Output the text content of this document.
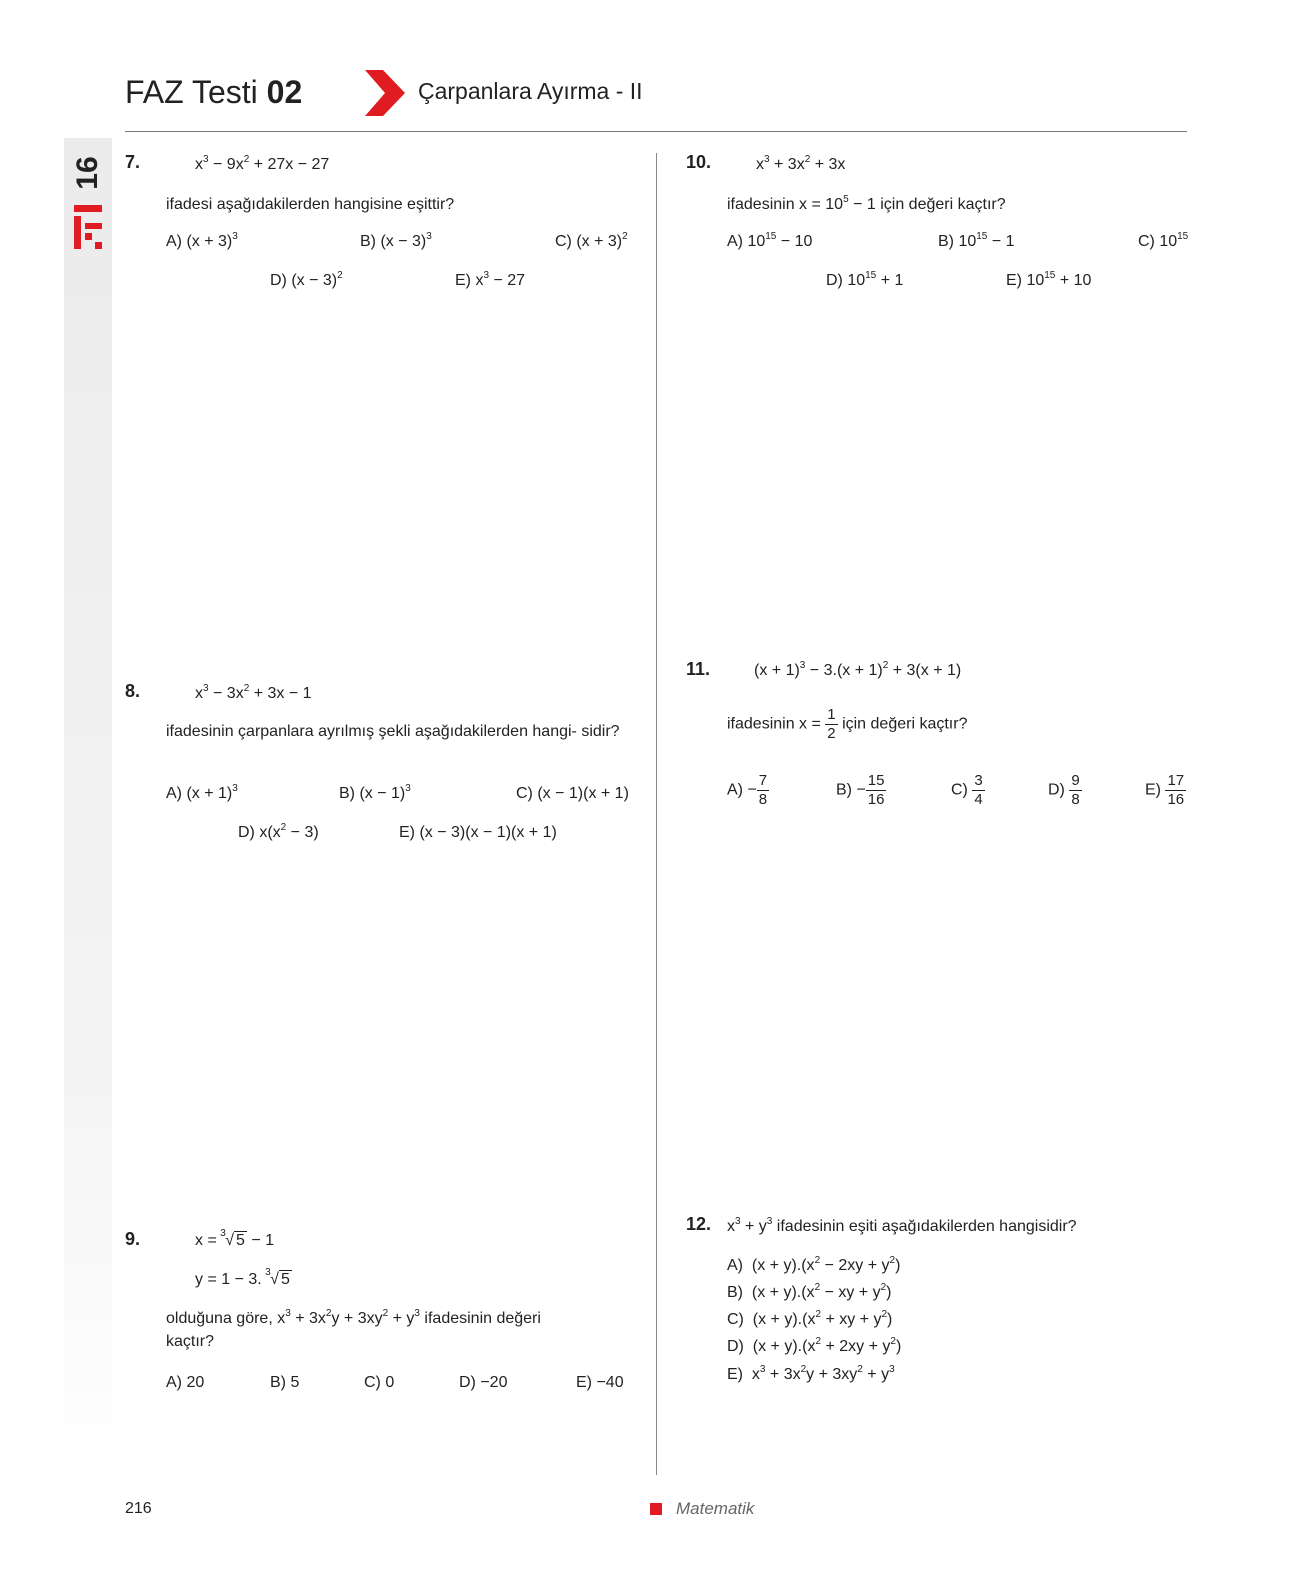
FAZ Testi 02	Çarpanlara Ayırma - II
16 7.	$x^3 - 9x^2 + 27x - 27$
ifadesi aşağıdakilerden hangisine eşittir?
A) $(x + 3)^3$	B) $(x - 3)^3$	C) $(x + 3)^2$
D) $(x - 3)^2$	E) $x^3 - 27$
8.	$x^3 - 3x^2 + 3x - 1$
ifadesinin çarpanlara ayrılmış şekli aşağıdakilerden hangi- sidir?
A) $(x + 1)^3$	B) $(x - 1)^3$	C) (x − 1)(x + 1)
D) $x(x^2 - 3)$	E) (x − 3)(x − 1)(x + 1)
9.	x = 3 √ 5 − 1
y = 1 − 3. 3 √ 5
olduğuna göre, $x^3 + 3x^2y + 3xy^2 + y^3$ ifadesinin değeri
kaçtır?
A) 20	B) 5	C) 0	D) −20	E) −40
10.	$x^3 + 3x^2 + 3x$
ifadesinin $x = 10^5 - 1$ için değeri kaçtır?
A) $10^{15} - 10$	B) $10^{15} - 1$	C) $10^{15}$
D) $10^{15} + 1$	E) $10^{15} + 10$
11.	$(x + 1)^3 - 3.(x + 1)^2 + 3(x + 1)$
ifadesinin $x = \frac{1}{2}$ için değeri kaçtır?
$A) - \frac{7}{8}$	$B) - \frac{15}{16}$	$C) \frac{3}{4}$	$D) \frac{9}{8}$	$E) \frac{17}{16}$
12. $x^3 + y^3$ ifadesinin eşiti aşağıdakilerden hangisidir?
A)  $(x + y).(x^2 - 2xy + y^2)$
B)  $(x + y).(x^2$ − xy + $y^2$)
C)  $(x + y).(x^2$ + xy + $y^2$)
D)  $(x + y).(x^2 + 2xy + y^2)$
E)  $x^3 + 3x^2y + 3xy^2 + y^3$
216	Matematik
